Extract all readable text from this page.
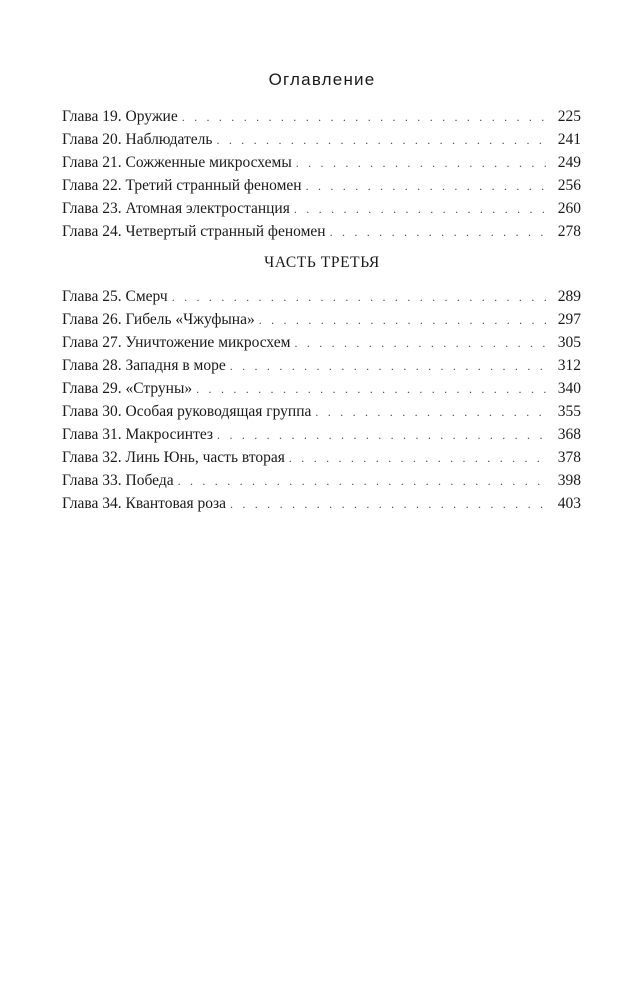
Оглавление
Глава 19. Оружие . . .	225
Глава 20. Наблюдатель . . .	241
Глава 21. Сожженные микросхемы . . .	249
Глава 22. Третий странный феномен . . .	256
Глава 23. Атомная электростанция . . .	260
Глава 24. Четвертый странный феномен . . .	278
ЧАСТЬ ТРЕТЬЯ
Глава 25. Смерч . . .	289
Глава 26. Гибель «Чжуфына» . . .	297
Глава 27. Уничтожение микросхем . . .	305
Глава 28. Западня в море . . .	312
Глава 29. «Струны» . . .	340
Глава 30. Особая руководящая группа . . .	355
Глава 31. Макросинтез . . .	368
Глава 32. Линь Юнь, часть вторая . . .	378
Глава 33. Победа . . .	398
Глава 34. Квантовая роза . . .	403
